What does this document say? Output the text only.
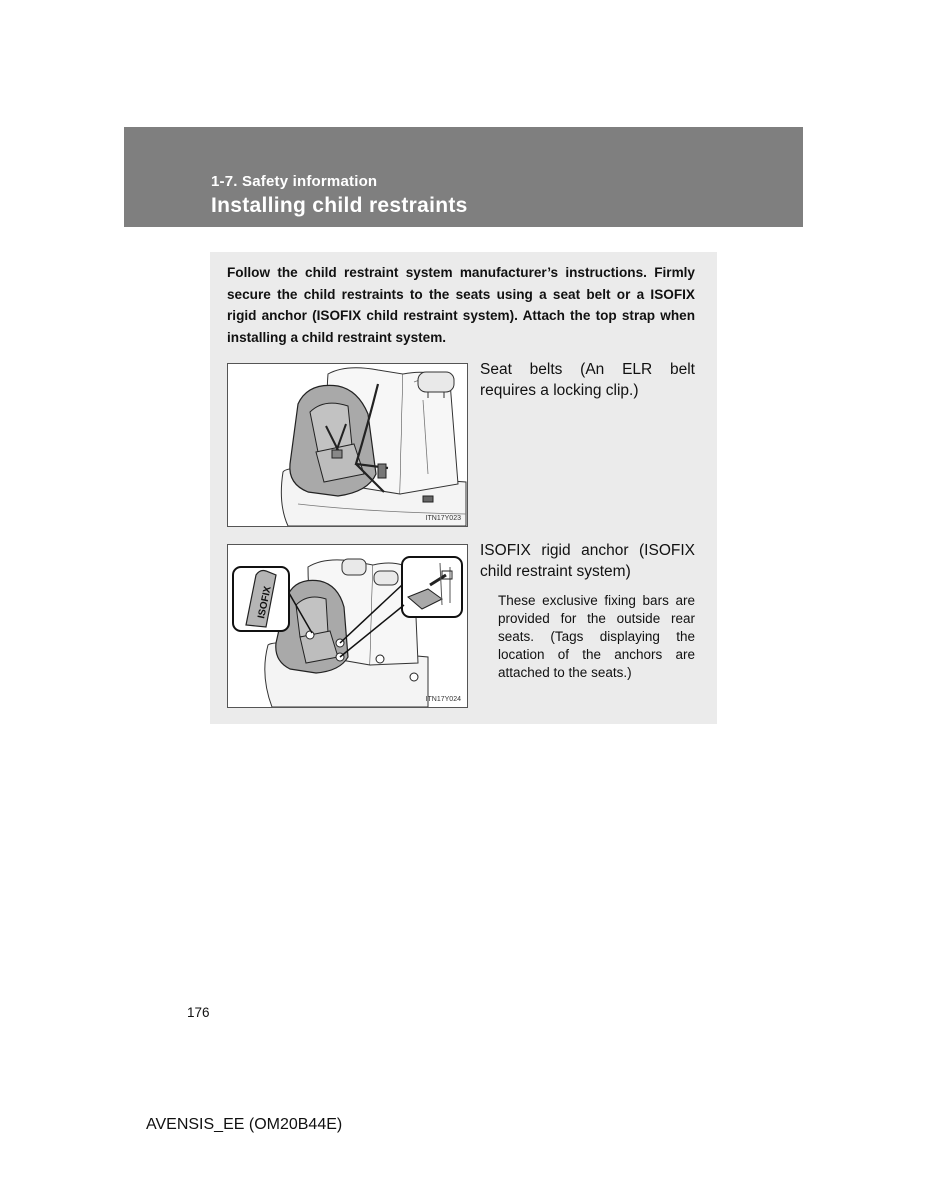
1-7. Safety information
Installing child restraints
Follow the child restraint system manufacturer’s instructions. Firmly secure the child restraints to the seats using a seat belt or a ISOFIX rigid anchor (ISOFIX child restraint system). Attach the top strap when installing a child restraint system.
ITN17Y023
Seat belts (An ELR belt requires a locking clip.)
ISOFIX
ITN17Y024
ISOFIX rigid anchor (ISOFIX child restraint system)
These exclusive fixing bars are provided for the outside rear seats. (Tags displaying the location of the anchors are attached to the seats.)
176
AVENSIS_EE (OM20B44E)
